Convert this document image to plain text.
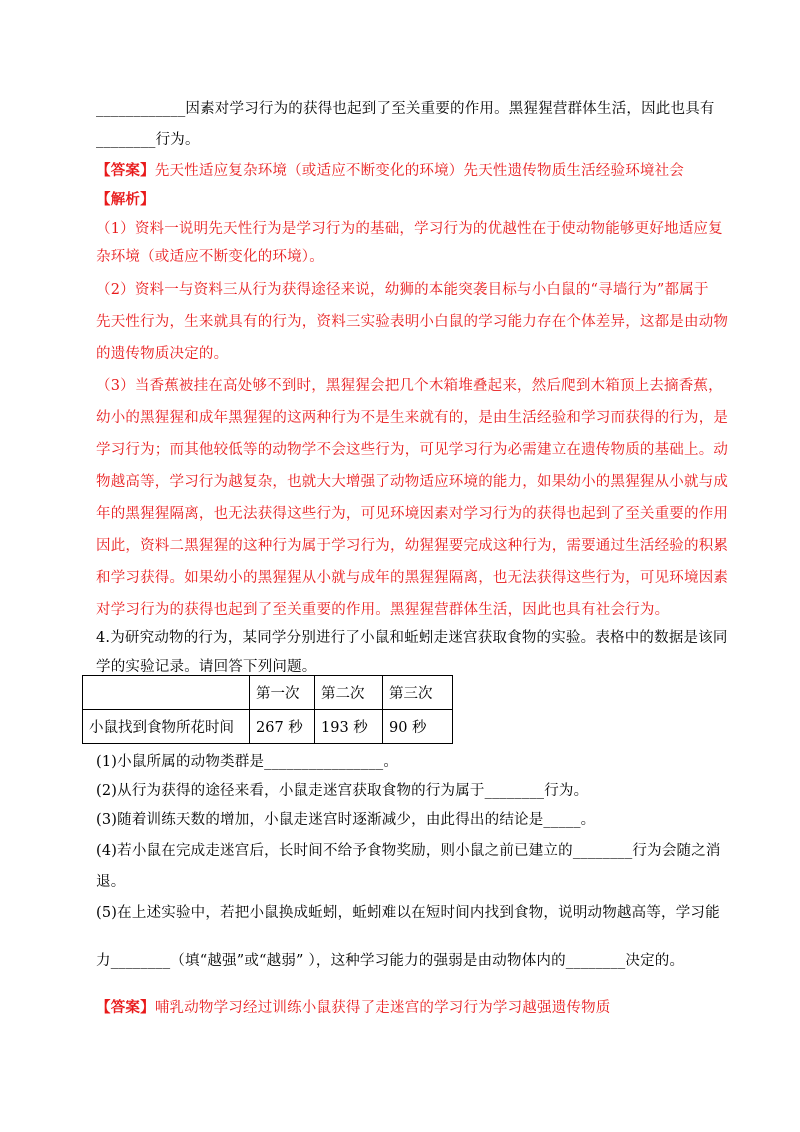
____________因素对学习行为的获得也起到了至关重要的作用。黑猩猩营群体生活，因此也具有
________行为。
【答案】先天性适应复杂环境（或适应不断变化的环境）先天性遗传物质生活经验环境社会
【解析】
（1）资料一说明先天性行为是学习行为的基础，学习行为的优越性在于使动物能够更好地适应复
杂环境（或适应不断变化的环境）。
（2）资料一与资料三从行为获得途径来说，幼狮的本能突袭目标与小白鼠的“寻墙行为”都属于
先天性行为，生来就具有的行为，资料三实验表明小白鼠的学习能力存在个体差异，这都是由动物
的遗传物质决定的。
（3）当香蕉被挂在高处够不到时，黑猩猩会把几个木箱堆叠起来，然后爬到木箱顶上去摘香蕉，
幼小的黑猩猩和成年黑猩猩的这两种行为不是生来就有的，是由生活经验和学习而获得的行为，是
学习行为；而其他较低等的动物学不会这些行为，可见学习行为必需建立在遗传物质的基础上。动
物越高等，学习行为越复杂，也就大大增强了动物适应环境的能力，如果幼小的黑猩猩从小就与成
年的黑猩猩隔离，也无法获得这些行为，可见环境因素对学习行为的获得也起到了至关重要的作用
因此，资料二黑猩猩的这种行为属于学习行为，幼猩猩要完成这种行为，需要通过生活经验的积累
和学习获得。如果幼小的黑猩猩从小就与成年的黑猩猩隔离，也无法获得这些行为，可见环境因素
对学习行为的获得也起到了至关重要的作用。黑猩猩营群体生活，因此也具有社会行为。
4.为研究动物的行为，某同学分别进行了小鼠和蚯蚓走迷宫获取食物的实验。表格中的数据是该同
学的实验记录。请回答下列问题。
	第一次	第二次	第三次
小鼠找到食物所花时间	267 秒	193 秒	90 秒
(1)小鼠所属的动物类群是________________。
(2)从行为获得的途径来看，小鼠走迷宫获取食物的行为属于________行为。
(3)随着训练天数的增加，小鼠走迷宫时逐渐减少，由此得出的结论是_____。
(4)若小鼠在完成走迷宫后，长时间不给予食物奖励，则小鼠之前已建立的________行为会随之消
退。
(5)在上述实验中，若把小鼠换成蚯蚓，蚯蚓难以在短时间内找到食物，说明动物越高等，学习能
力________（填“越强”或“越弱” ），这种学习能力的强弱是由动物体内的________决定的。
【答案】哺乳动物学习经过训练小鼠获得了走迷宫的学习行为学习越强遗传物质
